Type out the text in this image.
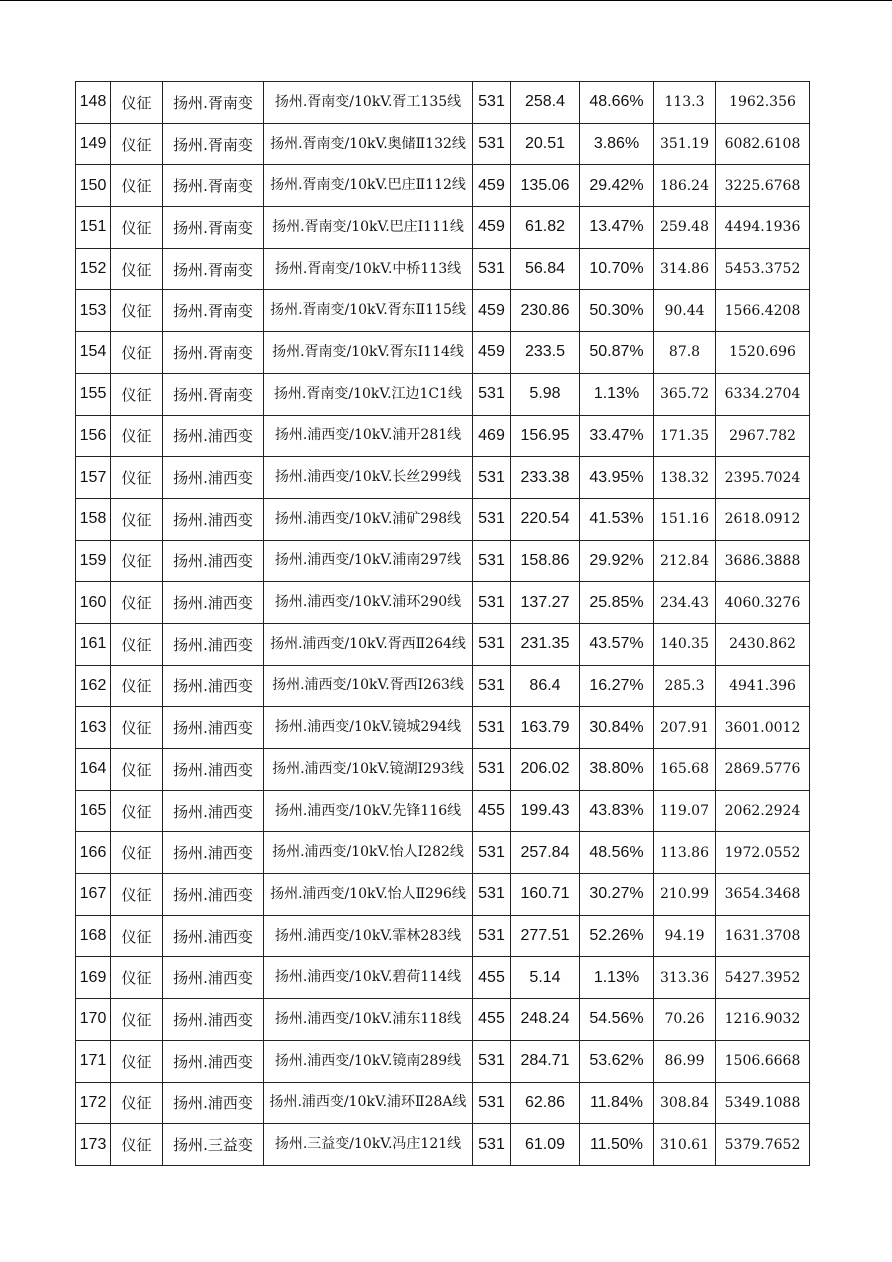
148	仪征	扬州.胥南变	扬州.胥南变/10kV.胥工135线	531	258.4	48.66%	113.3	1962.356
149	仪征	扬州.胥南变	扬州.胥南变/10kV.奥储Ⅱ132线	531	20.51	3.86%	351.19	6082.6108
150	仪征	扬州.胥南变	扬州.胥南变/10kV.巴庄Ⅱ112线	459	135.06	29.42%	186.24	3225.6768
151	仪征	扬州.胥南变	扬州.胥南变/10kV.巴庄Ⅰ111线	459	61.82	13.47%	259.48	4494.1936
152	仪征	扬州.胥南变	扬州.胥南变/10kV.中桥113线	531	56.84	10.70%	314.86	5453.3752
153	仪征	扬州.胥南变	扬州.胥南变/10kV.胥东Ⅱ115线	459	230.86	50.30%	90.44	1566.4208
154	仪征	扬州.胥南变	扬州.胥南变/10kV.胥东Ⅰ114线	459	233.5	50.87%	87.8	1520.696
155	仪征	扬州.胥南变	扬州.胥南变/10kV.江边1C1线	531	5.98	1.13%	365.72	6334.2704
156	仪征	扬州.浦西变	扬州.浦西变/10kV.浦开281线	469	156.95	33.47%	171.35	2967.782
157	仪征	扬州.浦西变	扬州.浦西变/10kV.长丝299线	531	233.38	43.95%	138.32	2395.7024
158	仪征	扬州.浦西变	扬州.浦西变/10kV.浦矿298线	531	220.54	41.53%	151.16	2618.0912
159	仪征	扬州.浦西变	扬州.浦西变/10kV.浦南297线	531	158.86	29.92%	212.84	3686.3888
160	仪征	扬州.浦西变	扬州.浦西变/10kV.浦环290线	531	137.27	25.85%	234.43	4060.3276
161	仪征	扬州.浦西变	扬州.浦西变/10kV.胥西Ⅱ264线	531	231.35	43.57%	140.35	2430.862
162	仪征	扬州.浦西变	扬州.浦西变/10kV.胥西Ⅰ263线	531	86.4	16.27%	285.3	4941.396
163	仪征	扬州.浦西变	扬州.浦西变/10kV.镜城294线	531	163.79	30.84%	207.91	3601.0012
164	仪征	扬州.浦西变	扬州.浦西变/10kV.镜湖Ⅰ293线	531	206.02	38.80%	165.68	2869.5776
165	仪征	扬州.浦西变	扬州.浦西变/10kV.先锋116线	455	199.43	43.83%	119.07	2062.2924
166	仪征	扬州.浦西变	扬州.浦西变/10kV.怡人Ⅰ282线	531	257.84	48.56%	113.86	1972.0552
167	仪征	扬州.浦西变	扬州.浦西变/10kV.怡人Ⅱ296线	531	160.71	30.27%	210.99	3654.3468
168	仪征	扬州.浦西变	扬州.浦西变/10kV.霏林283线	531	277.51	52.26%	94.19	1631.3708
169	仪征	扬州.浦西变	扬州.浦西变/10kV.碧荷114线	455	5.14	1.13%	313.36	5427.3952
170	仪征	扬州.浦西变	扬州.浦西变/10kV.浦东118线	455	248.24	54.56%	70.26	1216.9032
171	仪征	扬州.浦西变	扬州.浦西变/10kV.镜南289线	531	284.71	53.62%	86.99	1506.6668
172	仪征	扬州.浦西变	扬州.浦西变/10kV.浦环Ⅱ28A线	531	62.86	11.84%	308.84	5349.1088
173	仪征	扬州.三益变	扬州.三益变/10kV.冯庄121线	531	61.09	11.50%	310.61	5379.7652
